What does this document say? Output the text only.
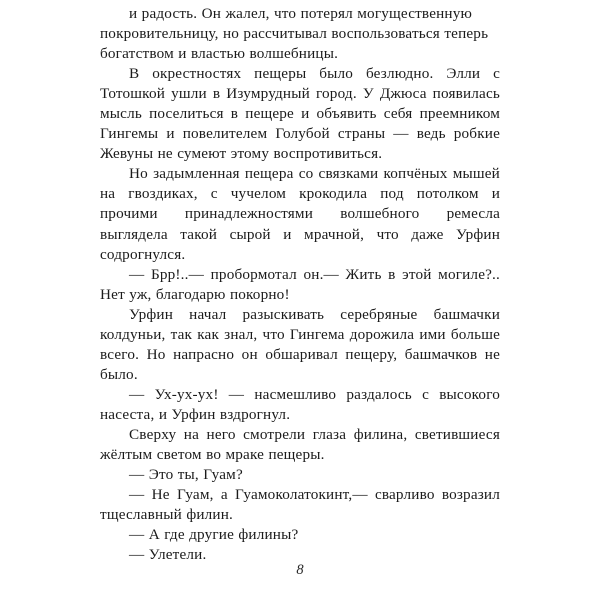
и радость. Он жалел, что потерял могущественную покровительницу, но рассчитывал воспользоваться теперь богатством и властью волшебницы.

В окрестностях пещеры было безлюдно. Элли с Тотошкой ушли в Изумрудный город. У Джюса появилась мысль поселиться в пещере и объявить себя преемником Гингемы и повелителем Голубой страны — ведь робкие Жевуны не сумеют этому воспротивиться.

Но задымленная пещера со связками копчёных мышей на гвоздиках, с чучелом крокодила под потолком и прочими принадлежностями волшебного ремесла выглядела такой сырой и мрачной, что даже Урфин содрогнулся.

— Брр!..— пробормотал он.— Жить в этой могиле?.. Нет уж, благодарю покорно!

Урфин начал разыскивать серебряные башмачки колдуньи, так как знал, что Гингема дорожила ими больше всего. Но напрасно он обшаривал пещеру, башмачков не было.

— Ух-ух-ух! — насмешливо раздалось с высокого насеста, и Урфин вздрогнул.

Сверху на него смотрели глаза филина, светившиеся жёлтым светом во мраке пещеры.

— Это ты, Гуам?

— Не Гуам, а Гуамоколатокинт,— сварливо возразил тщеславный филин.

— А где другие филины?

— Улетели.

8
